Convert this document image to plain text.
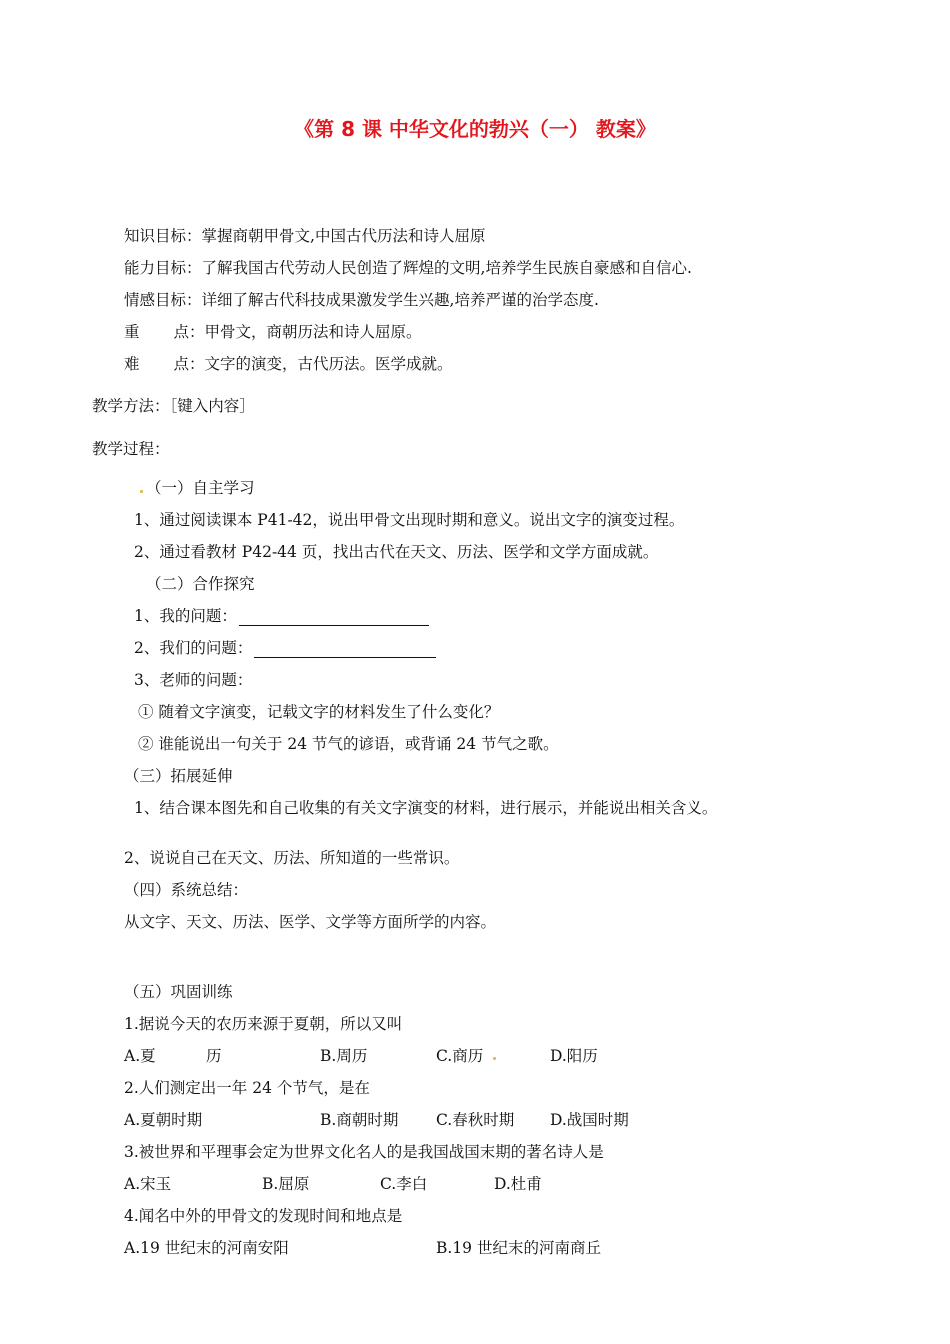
《第 8 课 中华文化的勃兴（一） 教案》
知识目标：掌握商朝甲骨文,中国古代历法和诗人屈原
能力目标：了解我国古代劳动人民创造了辉煌的文明,培养学生民族自豪感和自信心.
情感目标：详细了解古代科技成果激发学生兴趣,培养严谨的治学态度.
重 点：甲骨文，商朝历法和诗人屈原。
难 点：文字的演变，古代历法。医学成就。
教学方法：［键入内容］
教学过程：
（一）自主学习
1、通过阅读课本 P41-42，说出甲骨文出现时期和意义。说出文字的演变过程。
2、通过看教材 P42-44 页，找出古代在天文、历法、医学和文学方面成就。
（二）合作探究
1、我的问题：
2、我们的问题：
3、老师的问题：
① 随着文字演变，记载文字的材料发生了什么变化？
② 谁能说出一句关于 24 节气的谚语，或背诵 24 节气之歌。
（三）拓展延伸
1、结合课本图先和自己收集的有关文字演变的材料，进行展示，并能说出相关含义。
2、说说自己在天文、历法、所知道的一些常识。
（四）系统总结：
从文字、天文、历法、医学、文学等方面所学的内容。
（五）巩固训练
1.据说今天的农历来源于夏朝，所以又叫
A.夏	历	B.周历	C.商历	D.阳历
2.人们测定出一年 24 个节气，是在
A.夏朝时期	B.商朝时期 C.春秋时期 D.战国时期
3.被世界和平理事会定为世界文化名人的是我国战国末期的著名诗人是
A.宋玉	B.屈原	C.李白	D.杜甫
4.闻名中外的甲骨文的发现时间和地点是
A.19 世纪末的河南安阳	B.19 世纪末的河南商丘
